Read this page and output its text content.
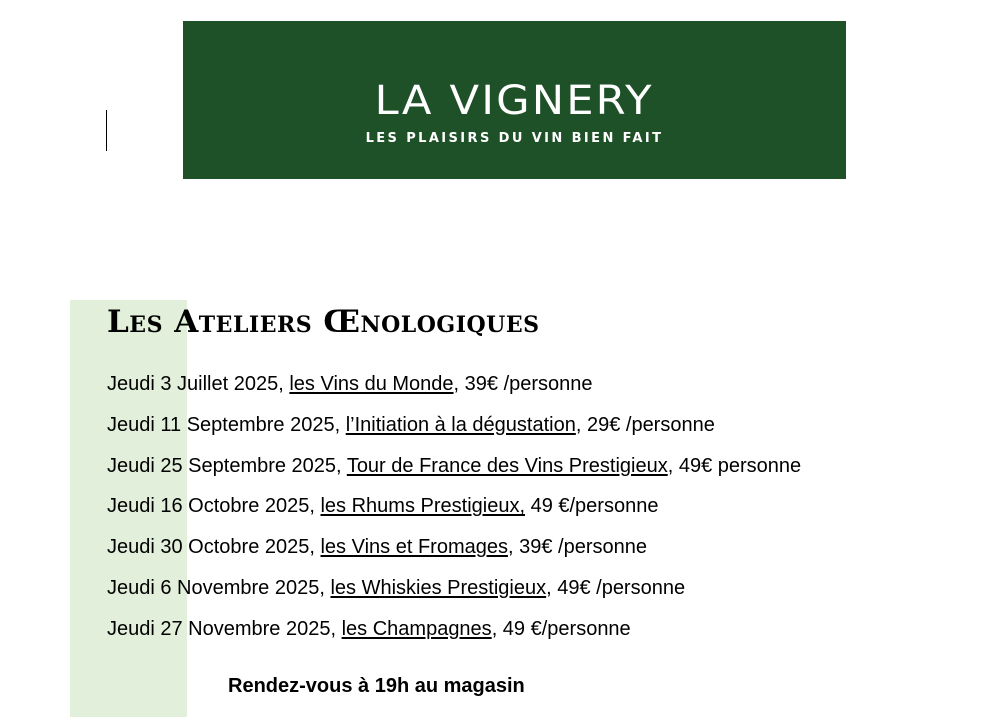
LA VIGNERY
LES PLAISIRS DU VIN BIEN FAIT
Les Ateliers Œnologiques
Jeudi 3 Juillet 2025, les Vins du Monde, 39€ /personne
Jeudi 11 Septembre 2025, l’Initiation à la dégustation, 29€ /personne
Jeudi 25 Septembre 2025, Tour de France des Vins Prestigieux, 49€ personne
Jeudi 16 Octobre 2025, les Rhums Prestigieux, 49 €/personne
Jeudi 30 Octobre 2025, les Vins et Fromages, 39€ /personne
Jeudi 6 Novembre 2025, les Whiskies Prestigieux, 49€ /personne
Jeudi 27 Novembre 2025, les Champagnes, 49 €/personne
Rendez-vous à 19h au magasin
